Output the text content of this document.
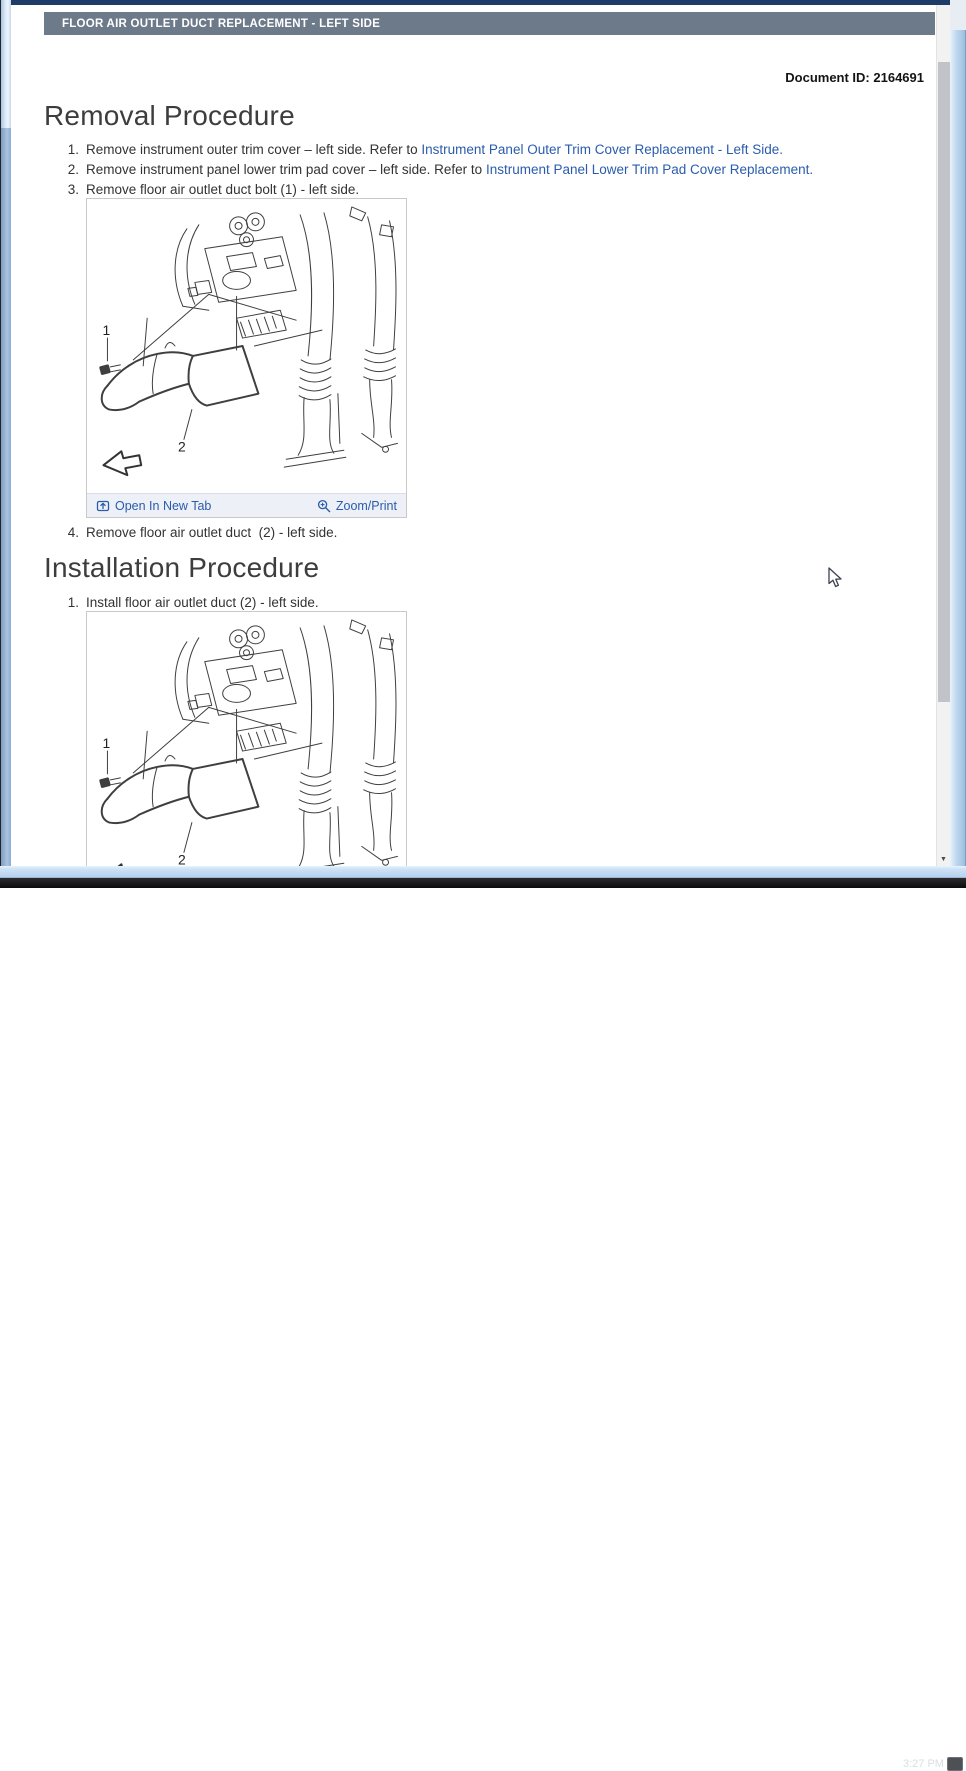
FLOOR AIR OUTLET DUCT REPLACEMENT - LEFT SIDE
Document ID: 2164691
Removal Procedure
1. Remove instrument outer trim cover – left side. Refer to Instrument Panel Outer Trim Cover Replacement - Left Side.
2. Remove instrument panel lower trim pad cover – left side. Refer to Instrument Panel Lower Trim Pad Cover Replacement.
3. Remove floor air outlet duct bolt (1) - left side.
Open In New Tab	Zoom/Print
4. Remove floor air outlet duct  (2) - left side.
Installation Procedure
1. Install floor air outlet duct (2) - left side.
▼
3:27 PM
